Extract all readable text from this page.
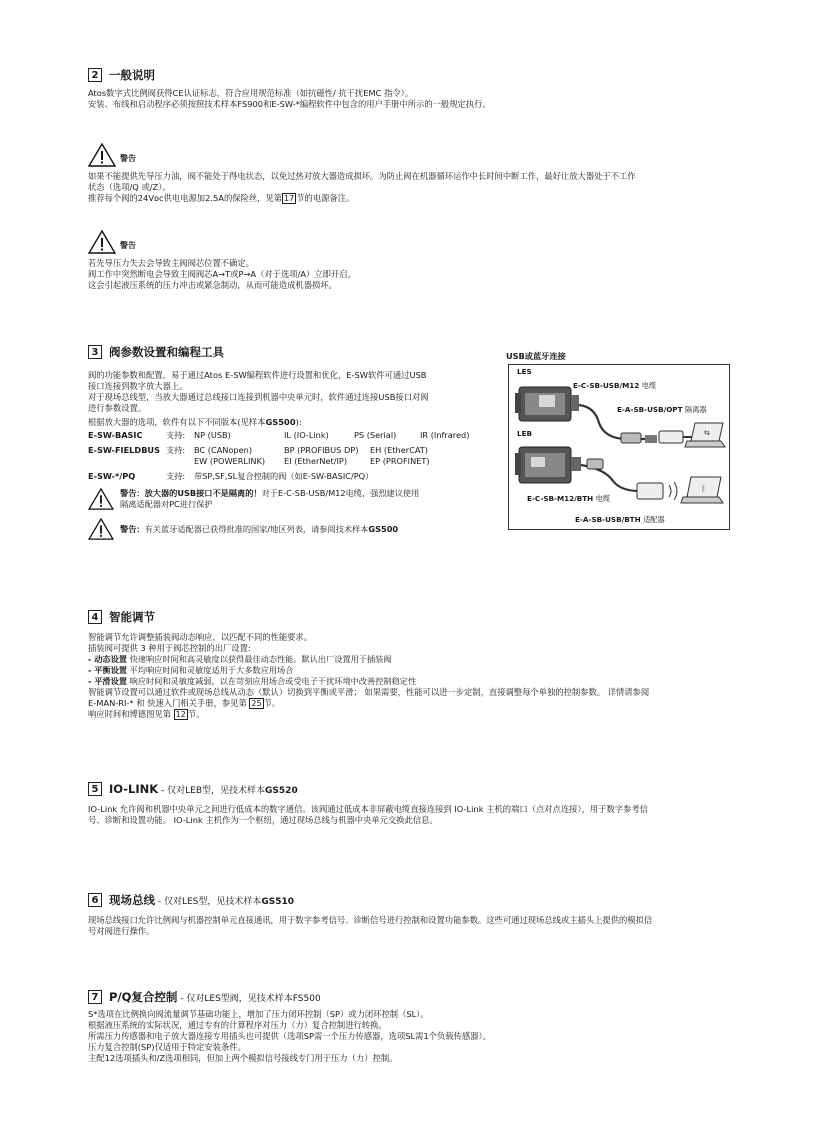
2 一般说明

Atos数字式比例阀获得CE认证标志，符合应用规范标准（如抗磁性/ 抗干扰EMC 指令）。

安装、布线和启动程序必须按照技术样本FS900和E-SW-*编程软件中包含的用户手册中所示的一般规定执行。

警告

如果不能提供先导压力油，阀不能处于得电状态，以免过热对放大器造成损坏。为防止阀在机器循环运作中长时间中断工作，最好让放大器处于不工作

状态（选项/Q 或/Z）。

推荐每个阀的24Vᴅᴄ供电电源加2.5A的保险丝，见第 17 节的电源备注。

警告

若先导压力失去会导致主阀阀芯位置不确定。

阀工作中突然断电会导致主阀阀芯A→T或P→A（对于选项/A）立即开启。

这会引起液压系统的压力冲击或紧急制动，从而可能造成机器损坏。

3 阀参数设置和编程工具

阀的功能参数和配置，易于通过Atos E-SW编程软件进行设置和优化，E-SW软件可通过USB

接口连接到数字放大器上。

对于现场总线型，当放大器通过总线接口连接到机器中央单元时，软件通过连接USB接口对阀

进行参数设置。

根据放大器的选项，软件有以下不同版本(见样本GS500):

E-SW-BASIC	支持:	NP (USB)	IL (IO-Link)	PS (Serial)	IR (Infrared)
E-SW-FIELDBUS 支持:	BC (CANopen)	BP (PROFIBUS DP)	EH (EtherCAT)
EW (POWERLINK)	EI (EtherNet/IP)	EP (PROFINET)
E-SW-*/PQ	支持:	带SP,SF,SL复合控制的阀（如E-SW-BASIC/PQ）
警告：放大器的USB接口不是隔离的！对于E-C-SB-USB/M12电缆，强烈建议使用
隔离适配器对PC进行保护
警告：有关蓝牙适配器已获得批准的国家/地区列表，请参阅技术样本GS500
USB或蓝牙连接
⇆
ᛒ
LES
LEB
E-C-SB-USB/M12 电缆
E-A-SB-USB/OPT 隔离器
E-C-SB-M12/BTH 电缆
E-A-SB-USB/BTH 适配器
4 智能调节

智能调节允许调整插装阀动态响应，以匹配不同的性能要求。

插装阀可提供 3 种用于阀芯控制的出厂设置:

- 动态设置 快速响应时间和高灵敏度以获得最佳动态性能。默认出厂设置用于插装阀
- 平衡设置 平均响应时间和灵敏度适用于大多数应用场合
- 平滑设置 响应时间和灵敏度减弱，以在苛刻应用场合或受电子干扰环境中改善控制稳定性

智能调节设置可以通过软件或现场总线从动态（默认）切换到平衡或平滑； 如果需要，性能可以进一步定制，直接调整每个单独的控制参数。 详情请参阅

E-MAN-RI-* 和 快速入门相关手册，参见第 25 节。

响应时间和博德图见第 12 节。

5 IO-LINK - 仅对LEB型，见技术样本GS520

IO-Link 允许阀和机器中央单元之间进行低成本的数字通信。该阀通过低成本非屏蔽电缆直接连接到 IO-Link 主机的端口（点对点连接），用于数字参考信

号、诊断和设置功能。 IO-Link 主机作为一个枢纽，通过现场总线与机器中央单元交换此信息。

6 现场总线 - 仅对LES型，见技术样本GS510

现场总线接口允许比例阀与机器控制单元直接通讯，用于数字参考信号、诊断信号进行控制和设置功能参数。这些可通过现场总线或主插头上提供的模拟信

号对阀进行操作。

7 P/Q复合控制 - 仅对LES型阀，见技术样本FS500

S*选项在比例换向阀流量调节基础功能上，增加了压力闭环控制（SP）或力闭环控制（SL）。

根据液压系统的实际状况，通过专有的计算程序对压力（力）复合控制进行转换。

所需压力传感器和电子放大器连接专用插头也可提供（选项SP需一个压力传感器，选项SL需1个负载传感器）。

压力复合控制(SP)仅适用于特定安装条件。

主配12选项插头和/Z选项相同，但加上两个模拟信号接线专门用于压力（力）控制。
